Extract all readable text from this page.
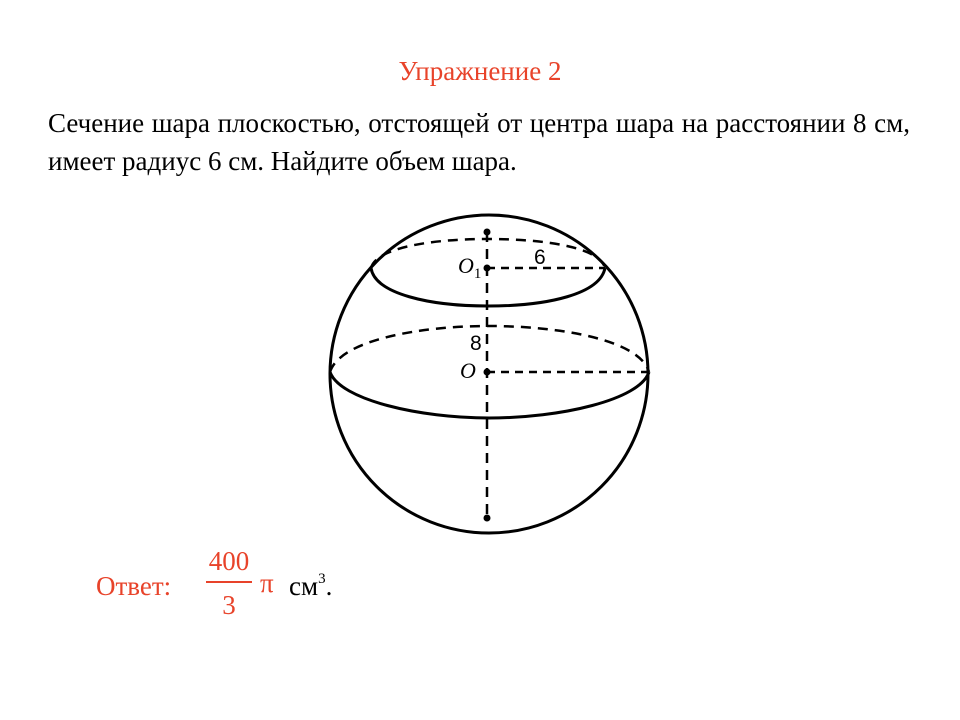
Упражнение 2
Сечение шара плоскостью, отстоящей от центра шара на расстоянии 8 см, имеет радиус 6 см. Найдите объем шара.
$O_1$
O
6
8
Ответ:
400
3
π $см^3$.
